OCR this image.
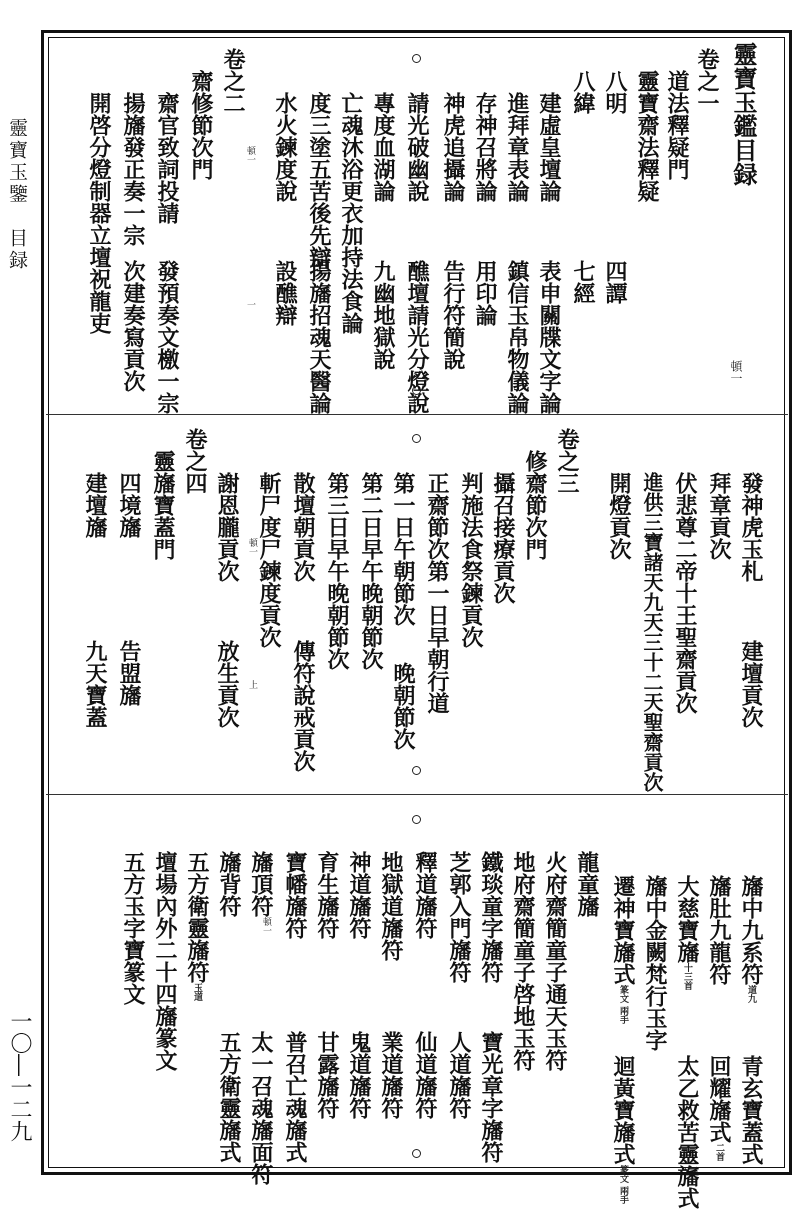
靈寶玉鑒　目録
一〇―一二九
頓一
頓一
一
靈寶玉鑑目録
卷之一
道法釋疑門
靈寶齋法釋疑
八明
四譚
八緯
七經
建虛皇壇論
表申關牒文字論
進拜章表論
鎮信玉帛物儀論
存神召將論
用印論
神虎追攝論
告行符簡說
請光破幽說
醮壇請光分燈說
專度血湖論
九幽地獄說
亡魂沐浴更衣加持法食論
度三塗五苦後先辯
揚旛招魂天醫論
水火鍊度說
設醮辯
卷之二
齋修節次門
齋官致詞投請
發預奏文檄一宗
揚旛發正奏一宗
次建奏寫貢次
開啓分燈制器立壇祝龍吏
頓一
上
發神虎玉札
建壇貢次
拜章貢次
伏悲尊二帝十王聖齋貢次
進供三寶諸天九天三十二天聖齋貢次
開燈貢次
卷之三
修齋節次門
攝召接療貢次
判施法食祭鍊貢次
正齋節次第一日早朝行道
第一日午朝節次
晚朝節次
第二日早午晚朝節次
第三日早午晚朝節次
散壇朝貢次
傳符說戒貢次
斬尸度尸鍊度貢次
謝恩朧貢次
放生貢次
卷之四
靈旛寶蓋門
四境旛
告盟旛
建壇旛
九天寶蓋
頓一	旛中九系符道九
青玄寶蓋式
旛肚九龍符
回耀旛式二首
大慈寶旛十三首
太乙救苦靈旛式
旛中金闕梵行玉字
遷神寶旛式篆文 兩手
迴黃寶旛式篆文 兩手
龍童旛
火府齋簡童子通天玉符
地府齋簡童子啓地玉符
鐵琰童字旛符
寶光章字旛符
芝郭入門旛符
人道旛符
釋道旛符
仙道旛符
地獄道旛符
業道旛符
神道旛符
鬼道旛符
育生旛符
甘露旛符
寶幡旛符
普召亡魂旛式
旛頂符
太一召魂旛面符
旛背符
五方衛靈旛式
五方衛靈旛符玉道
壇場內外二十四旛篆文
五方玉字寶篆文
